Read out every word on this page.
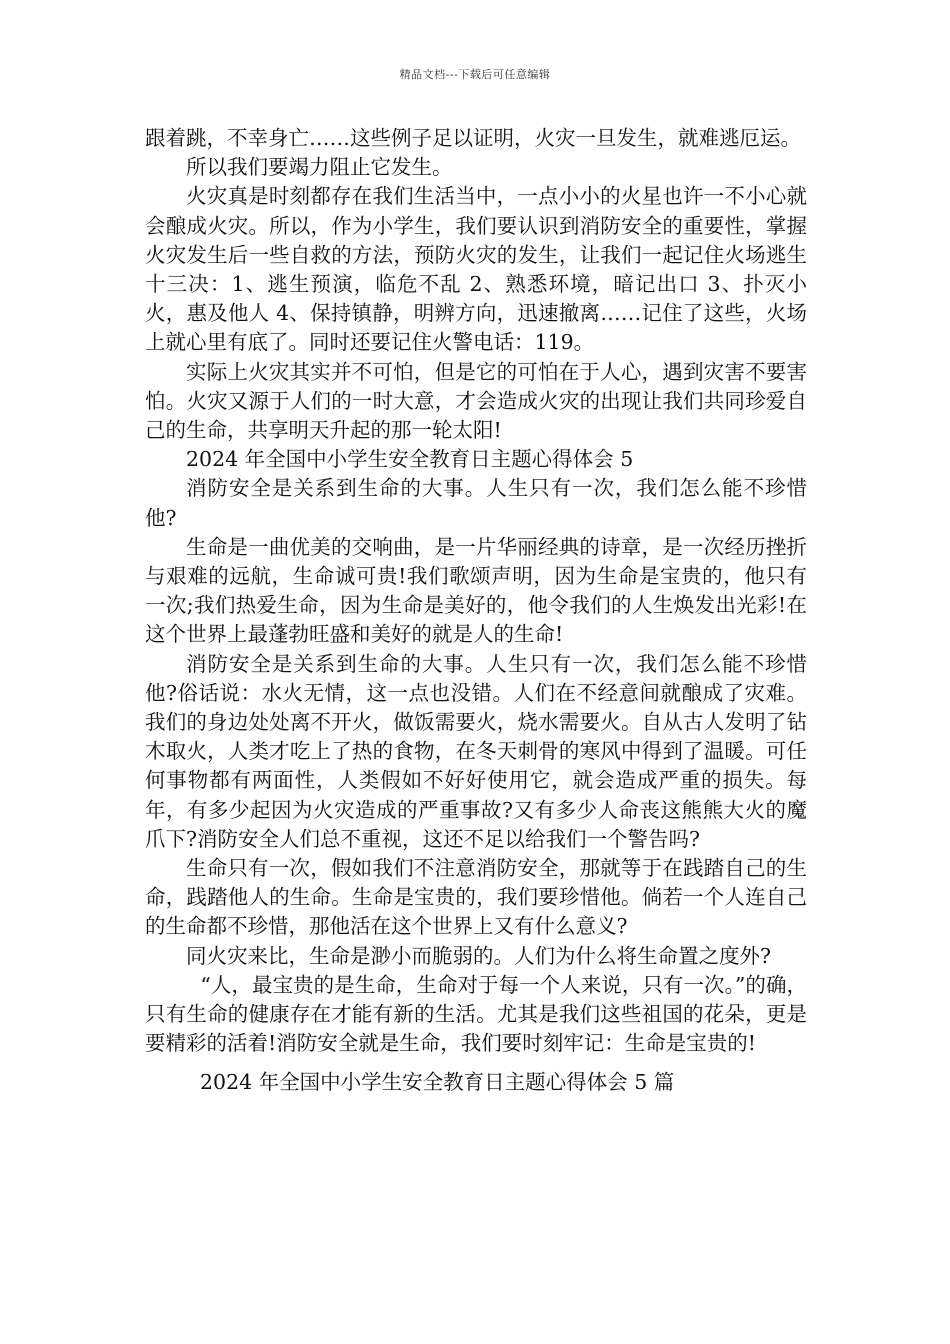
精品文档---下载后可任意编辑

跟着跳，不幸身亡……这些例子足以证明，火灾一旦发生，就难逃厄运。

所以我们要竭力阻止它发生。

火灾真是时刻都存在我们生活当中，一点小小的火星也许一不小心就会酿成火灾。所以，作为小学生，我们要认识到消防安全的重要性，掌握火灾发生后一些自救的方法，预防火灾的发生，让我们一起记住火场逃生十三决：1、逃生预演，临危不乱 2、熟悉环境，暗记出口 3、扑灭小火，惠及他人 4、保持镇静，明辨方向，迅速撤离……记住了这些，火场上就心里有底了。同时还要记住火警电话：119。

实际上火灾其实并不可怕，但是它的可怕在于人心，遇到灾害不要害怕。火灾又源于人们的一时大意，才会造成火灾的出现让我们共同珍爱自己的生命，共享明天升起的那一轮太阳!

2024 年全国中小学生安全教育日主题心得体会 5

消防安全是关系到生命的大事。人生只有一次，我们怎么能不珍惜他?

生命是一曲优美的交响曲，是一片华丽经典的诗章，是一次经历挫折与艰难的远航，生命诚可贵!我们歌颂声明，因为生命是宝贵的，他只有一次;我们热爱生命，因为生命是美好的，他令我们的人生焕发出光彩!在这个世界上最蓬勃旺盛和美好的就是人的生命!

消防安全是关系到生命的大事。人生只有一次，我们怎么能不珍惜他?俗话说：水火无情，这一点也没错。人们在不经意间就酿成了灾难。我们的身边处处离不开火，做饭需要火，烧水需要火。自从古人发明了钻木取火，人类才吃上了热的食物，在冬天刺骨的寒风中得到了温暖。可任何事物都有两面性，人类假如不好好使用它，就会造成严重的损失。每年，有多少起因为火灾造成的严重事故?又有多少人命丧这熊熊大火的魔爪下?消防安全人们总不重视，这还不足以给我们一个警告吗?

生命只有一次，假如我们不注意消防安全，那就等于在践踏自己的生命，践踏他人的生命。生命是宝贵的，我们要珍惜他。倘若一个人连自己的生命都不珍惜，那他活在这个世界上又有什么意义?

同火灾来比，生命是渺小而脆弱的。人们为什么将生命置之度外?

“人，最宝贵的是生命，生命对于每一个人来说，只有一次。”的确，只有生命的健康存在才能有新的生活。尤其是我们这些祖国的花朵，更是要精彩的活着!消防安全就是生命，我们要时刻牢记：生命是宝贵的!

2024 年全国中小学生安全教育日主题心得体会 5 篇
